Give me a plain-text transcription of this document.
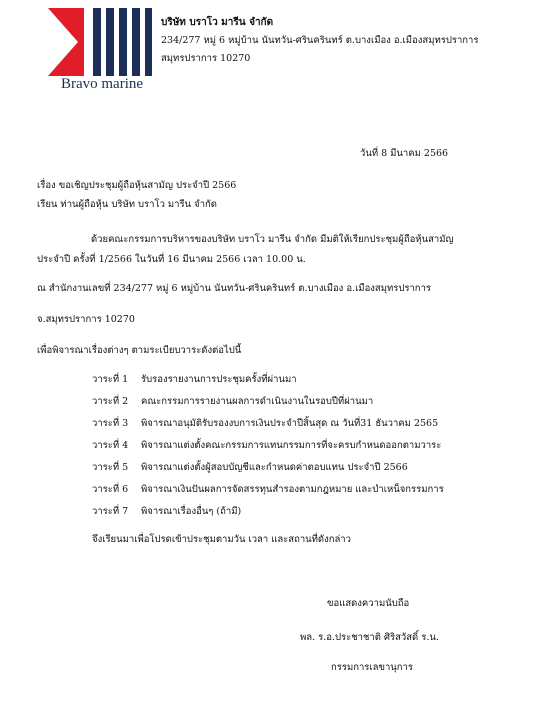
Bravo marine
บริษัท บราโว มารีน จำกัด
234/277 หมู่ 6 หมู่บ้าน นันทวัน-ศรินครินทร์ ต.บางเมือง อ.เมืองสมุทรปราการ
สมุทรปราการ 10270
วันที่ 8 มีนาคม 2566
เรื่อง ขอเชิญประชุมผู้ถือหุ้นสามัญ ประจำปี 2566
เรียน ท่านผู้ถือหุ้น บริษัท บราโว มารีน จำกัด
ด้วยคณะกรรมการบริหารของบริษัท บราโว มารีน จำกัด มีมติให้เรียกประชุมผู้ถือหุ้นสามัญ
ประจำปี ครั้งที่ 1/2566 ในวันที่ 16 มีนาคม 2566 เวลา 10.00 น.
ณ สำนักงานเลขที่ 234/277 หมู่ 6 หมู่บ้าน นันทวัน-ศรินครินทร์ ต.บางเมือง อ.เมืองสมุทรปราการ
จ.สมุทรปราการ 10270
เพื่อพิจารณาเรื่องต่างๆ ตามระเบียบวาระดังต่อไปนี้
วาระที่ 1 รับรองรายงานการประชุมครั้งที่ผ่านมา
วาระที่ 2 คณะกรรมการรายงานผลการดำเนินงานในรอบปีที่ผ่านมา
วาระที่ 3 พิจารณาอนุมัติรับรองงบการเงินประจำปีสิ้นสุด ณ วันที่31 ธันวาคม 2565
วาระที่ 4 พิจารณาแต่งตั้งคณะกรรมการแทนกรรมการที่จะครบกำหนดออกตามวาระ
วาระที่ 5 พิจารณาแต่งตั้งผู้สอบบัญชีและกำหนดค่าตอบแทน ประจำปี 2566
วาระที่ 6 พิจารณาเงินปันผลการจัดสรรทุนสำรองตามกฎหมาย และบำเหน็จกรรมการ
วาระที่ 7 พิจารณาเรื่องอื่นๆ (ถ้ามี)
จึงเรียนมาเพื่อโปรดเข้าประชุมตามวัน เวลา และสถานที่ดังกล่าว
ขอแสดงความนับถือ
พล. ร.อ.ประชาชาติ ศิริสวัสดิ์ ร.น.
กรรมการเลขานุการ
